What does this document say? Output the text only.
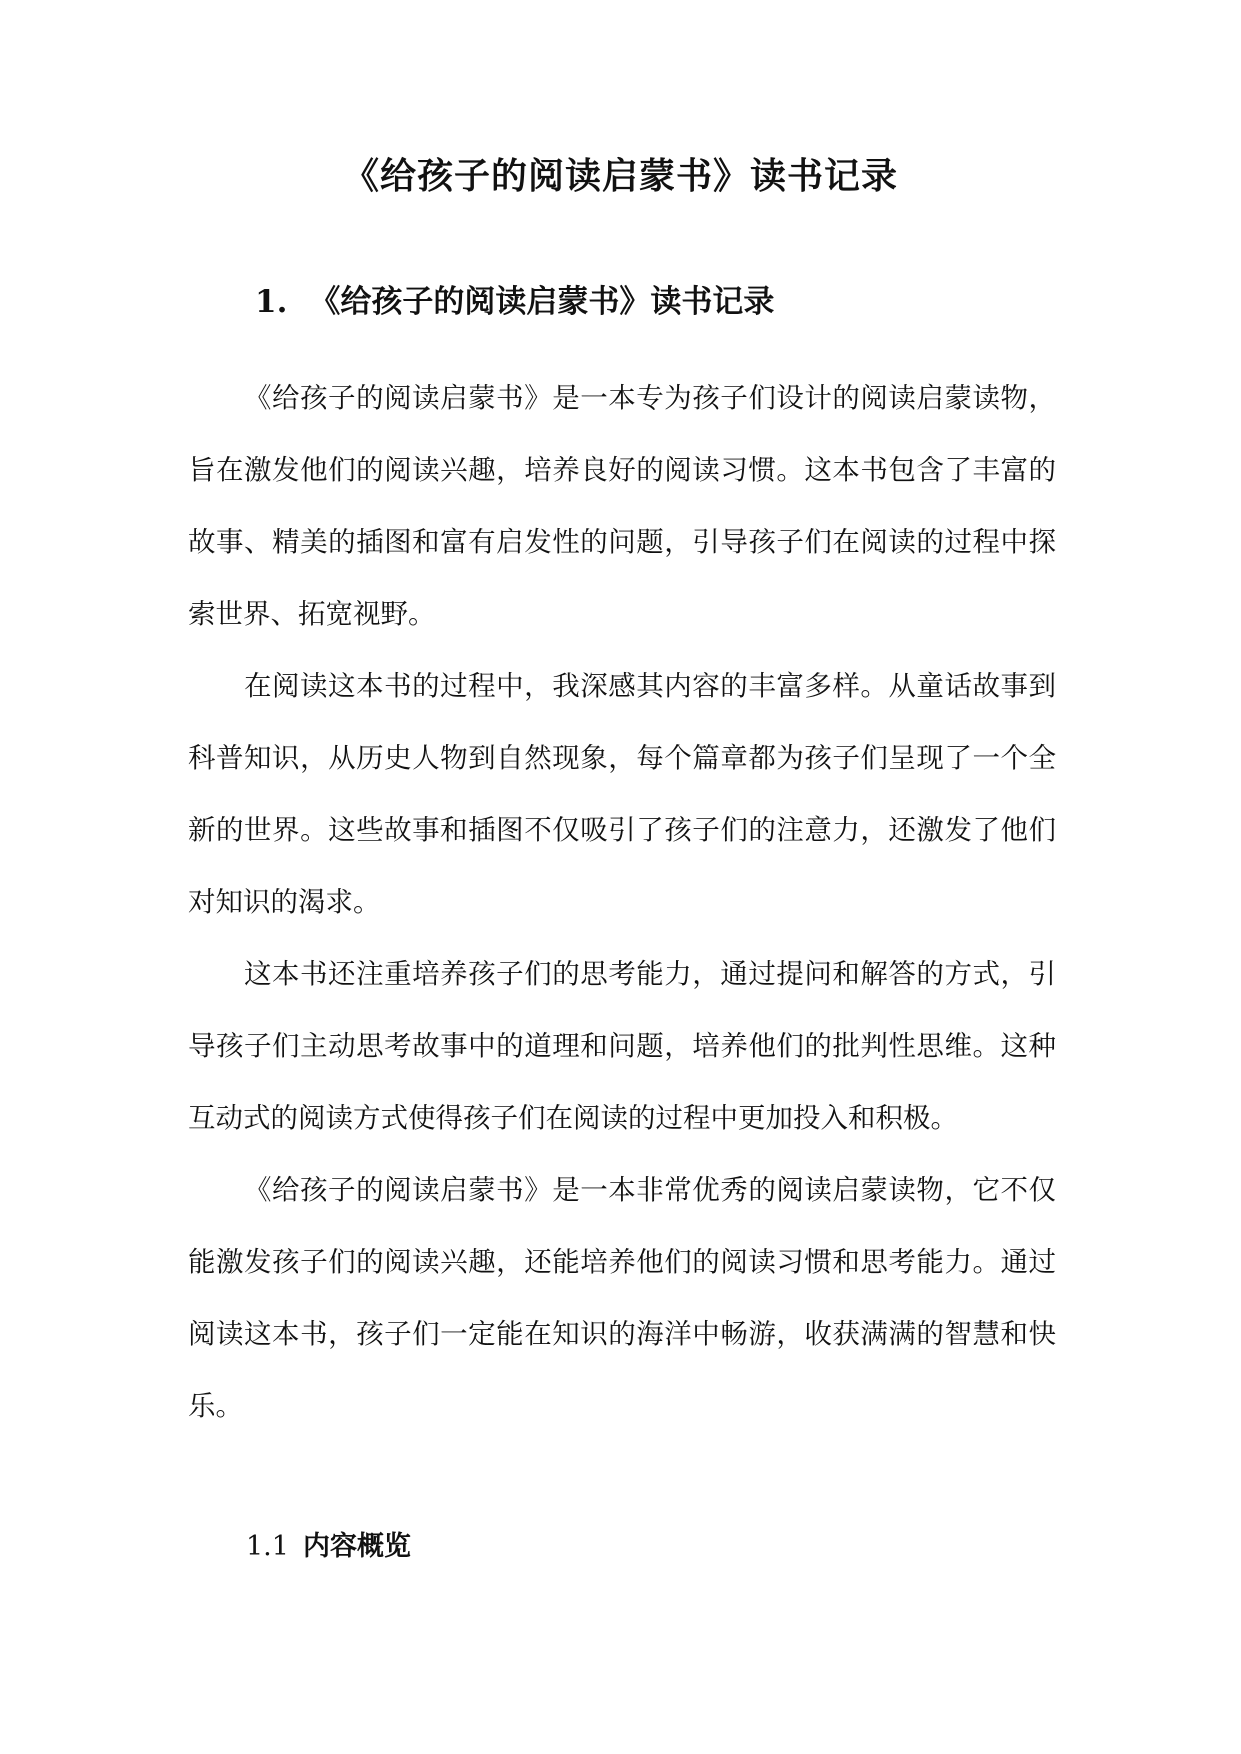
《给孩子的阅读启蒙书》读书记录
1. 《给孩子的阅读启蒙书》读书记录

《给孩子的阅读启蒙书》是一本专为孩子们设计的阅读启蒙读物，旨在激发他们的阅读兴趣，培养良好的阅读习惯。这本书包含了丰富的故事、精美的插图和富有启发性的问题，引导孩子们在阅读的过程中探索世界、拓宽视野。

在阅读这本书的过程中，我深感其内容的丰富多样。从童话故事到科普知识，从历史人物到自然现象，每个篇章都为孩子们呈现了一个全新的世界。这些故事和插图不仅吸引了孩子们的注意力，还激发了他们对知识的渴求。

这本书还注重培养孩子们的思考能力，通过提问和解答的方式，引导孩子们主动思考故事中的道理和问题，培养他们的批判性思维。这种互动式的阅读方式使得孩子们在阅读的过程中更加投入和积极。

《给孩子的阅读启蒙书》是一本非常优秀的阅读启蒙读物，它不仅能激发孩子们的阅读兴趣，还能培养他们的阅读习惯和思考能力。通过阅读这本书，孩子们一定能在知识的海洋中畅游，收获满满的智慧和快乐。

1.1 内容概览
